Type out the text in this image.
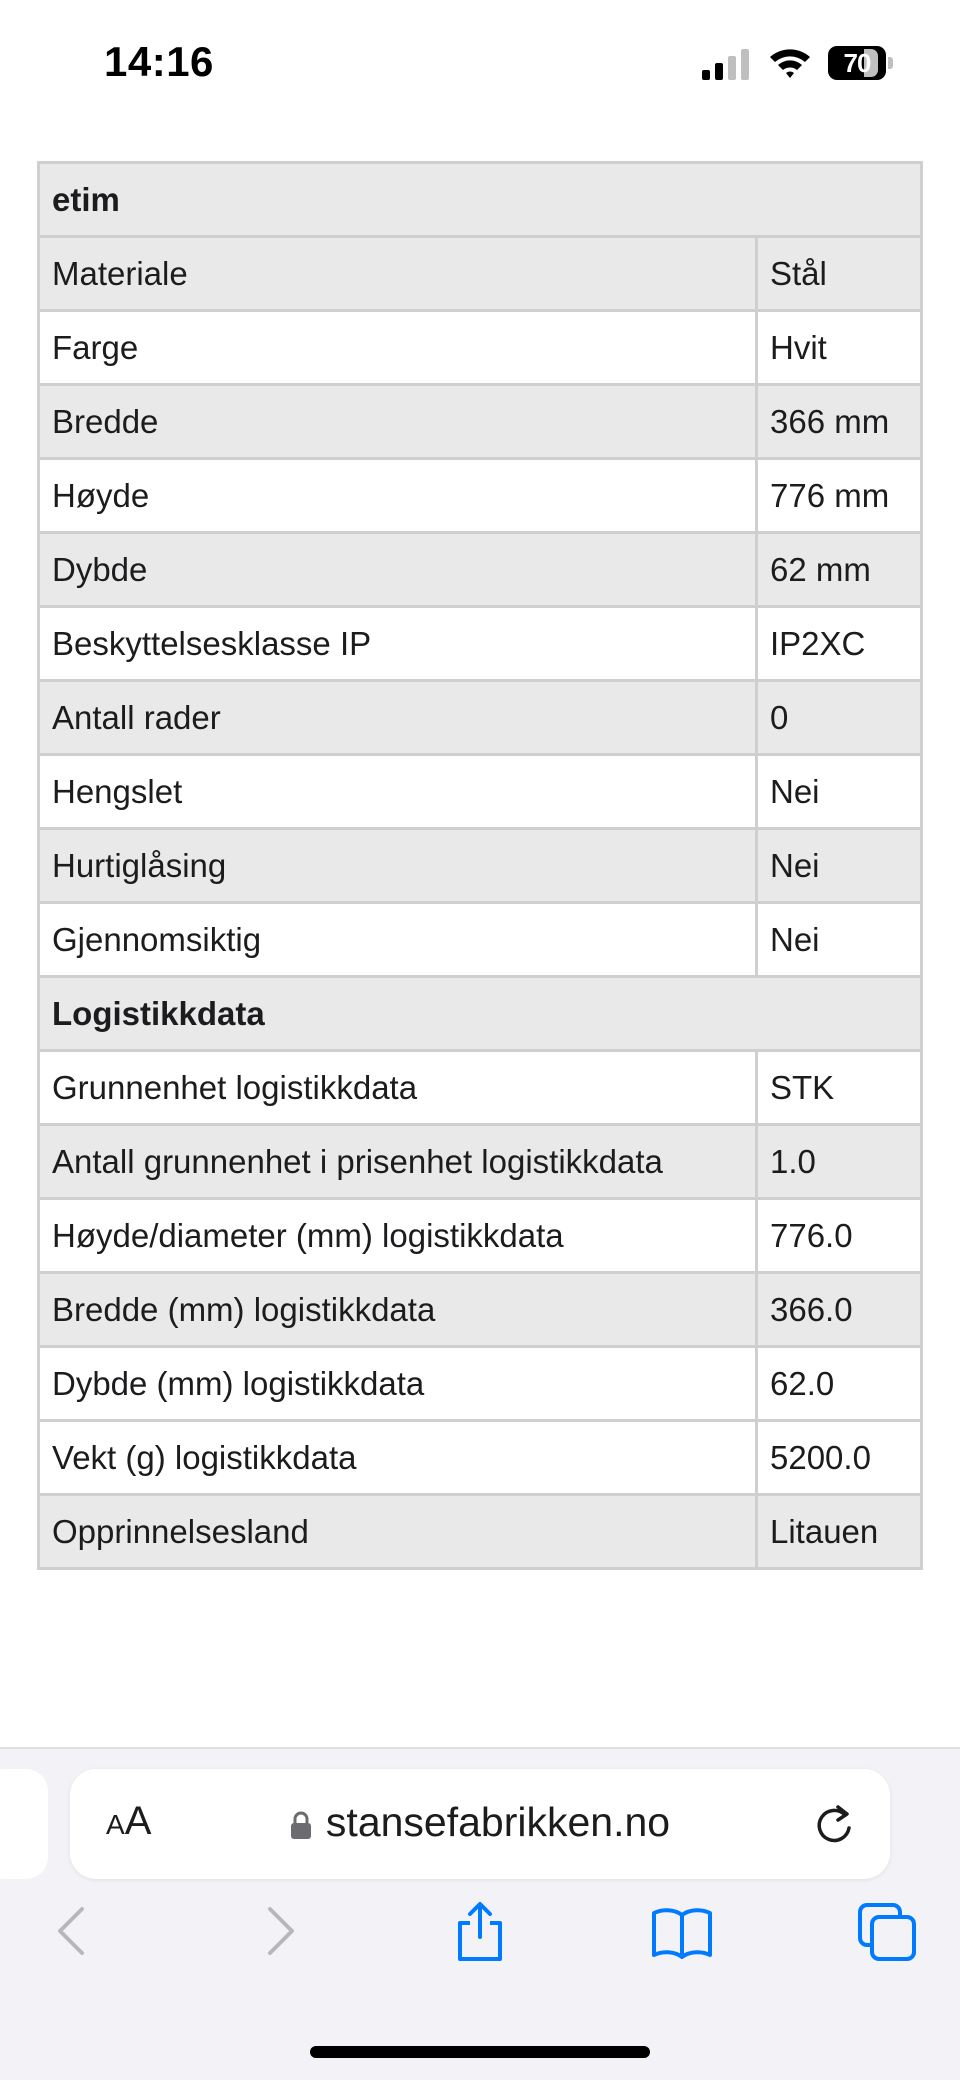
14:16	70
etim	
Materiale	Stål
Farge	Hvit
Bredde	366 mm
Høyde	776 mm
Dybde	62 mm
Beskyttelsesklasse IP	IP2XC
Antall rader	0
Hengslet	Nei
Hurtiglåsing	Nei
Gjennomsiktig	Nei
Logistikkdata	
Grunnenhet logistikkdata	STK
Antall grunnenhet i prisenhet logistikkdata	1.0
Høyde/diameter (mm) logistikkdata	776.0
Bredde (mm) logistikkdata	366.0
Dybde (mm) logistikkdata	62.0
Vekt (g) logistikkdata	5200.0
Opprinnelsesland	Litauen
AA	stansefabrikken.no
